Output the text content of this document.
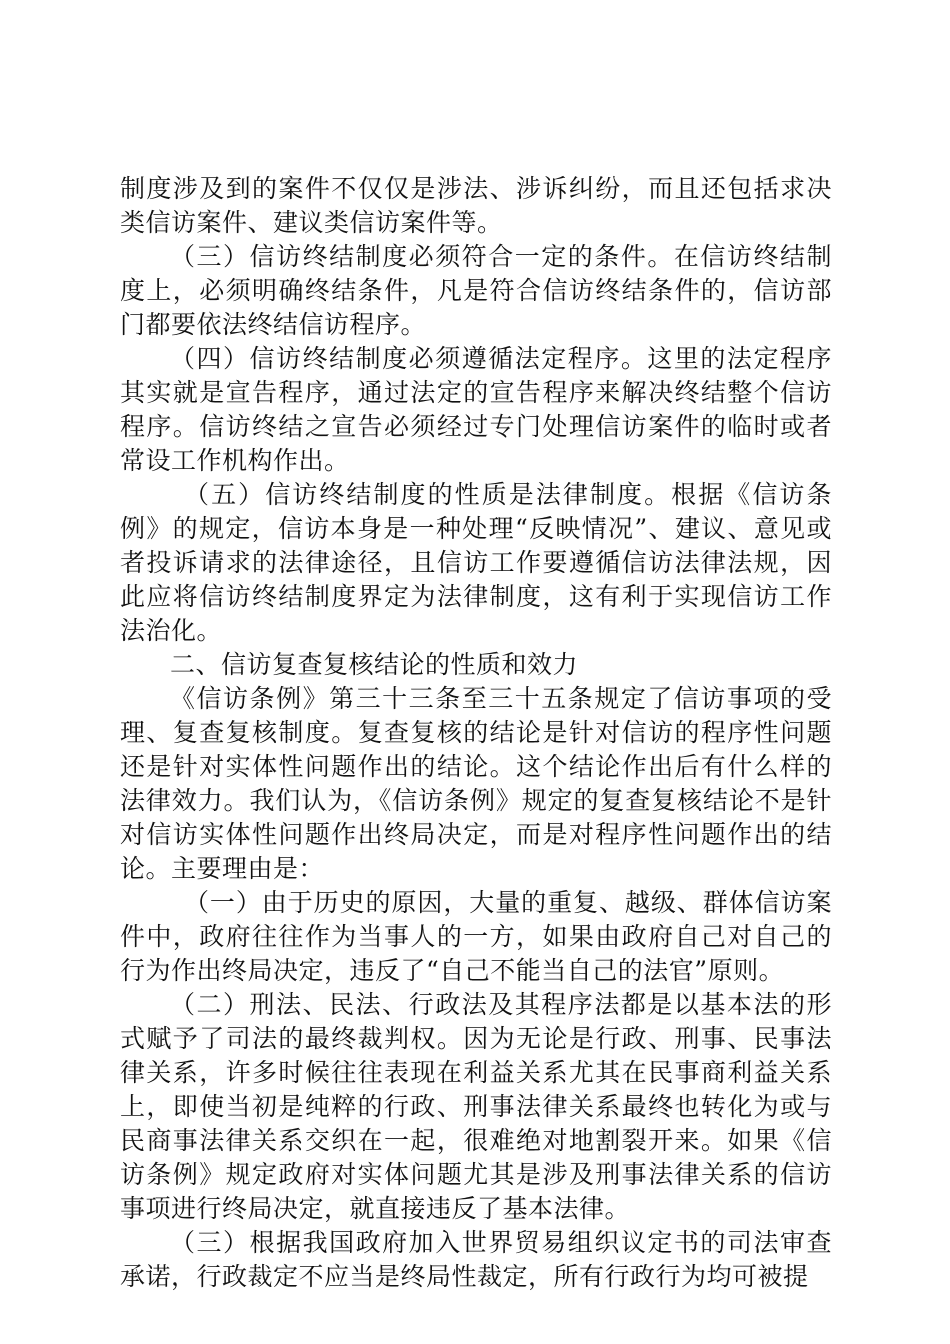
制度涉及到的案件不仅仅是涉法、涉诉纠纷，而且还包括求决类信访案件、建议类信访案件等。

（三）信访终结制度必须符合一定的条件。在信访终结制度上，必须明确终结条件，凡是符合信访终结条件的，信访部门都要依法终结信访程序。

（四）信访终结制度必须遵循法定程序。这里的法定程序其实就是宣告程序，通过法定的宣告程序来解决终结整个信访程序。信访终结之宣告必须经过专门处理信访案件的临时或者常设工作机构作出。

（五）信访终结制度的性质是法律制度。根据《信访条例》的规定，信访本身是一种处理“反映情况”、建议、意见或者投诉请求的法律途径，且信访工作要遵循信访法律法规，因此应将信访终结制度界定为法律制度，这有利于实现信访工作法治化。

二、信访复查复核结论的性质和效力

《信访条例》第三十三条至三十五条规定了信访事项的受理、复查复核制度。复查复核的结论是针对信访的程序性问题还是针对实体性问题作出的结论。这个结论作出后有什么样的法律效力。我们认为，《信访条例》规定的复查复核结论不是针对信访实体性问题作出终局决定，而是对程序性问题作出的结论。主要理由是：

（一）由于历史的原因，大量的重复、越级、群体信访案件中，政府往往作为当事人的一方，如果由政府自己对自己的行为作出终局决定，违反了“自己不能当自己的法官”原则。

（二）刑法、民法、行政法及其程序法都是以基本法的形式赋予了司法的最终裁判权。因为无论是行政、刑事、民事法律关系，许多时候往往表现在利益关系尤其在民事商利益关系上，即使当初是纯粹的行政、刑事法律关系最终也转化为或与民商事法律关系交织在一起，很难绝对地割裂开来。如果《信访条例》规定政府对实体问题尤其是涉及刑事法律关系的信访事项进行终局决定，就直接违反了基本法律。

（三）根据我国政府加入世界贸易组织议定书的司法审查承诺，行政裁定不应当是终局性裁定，所有行政行为均可被提
